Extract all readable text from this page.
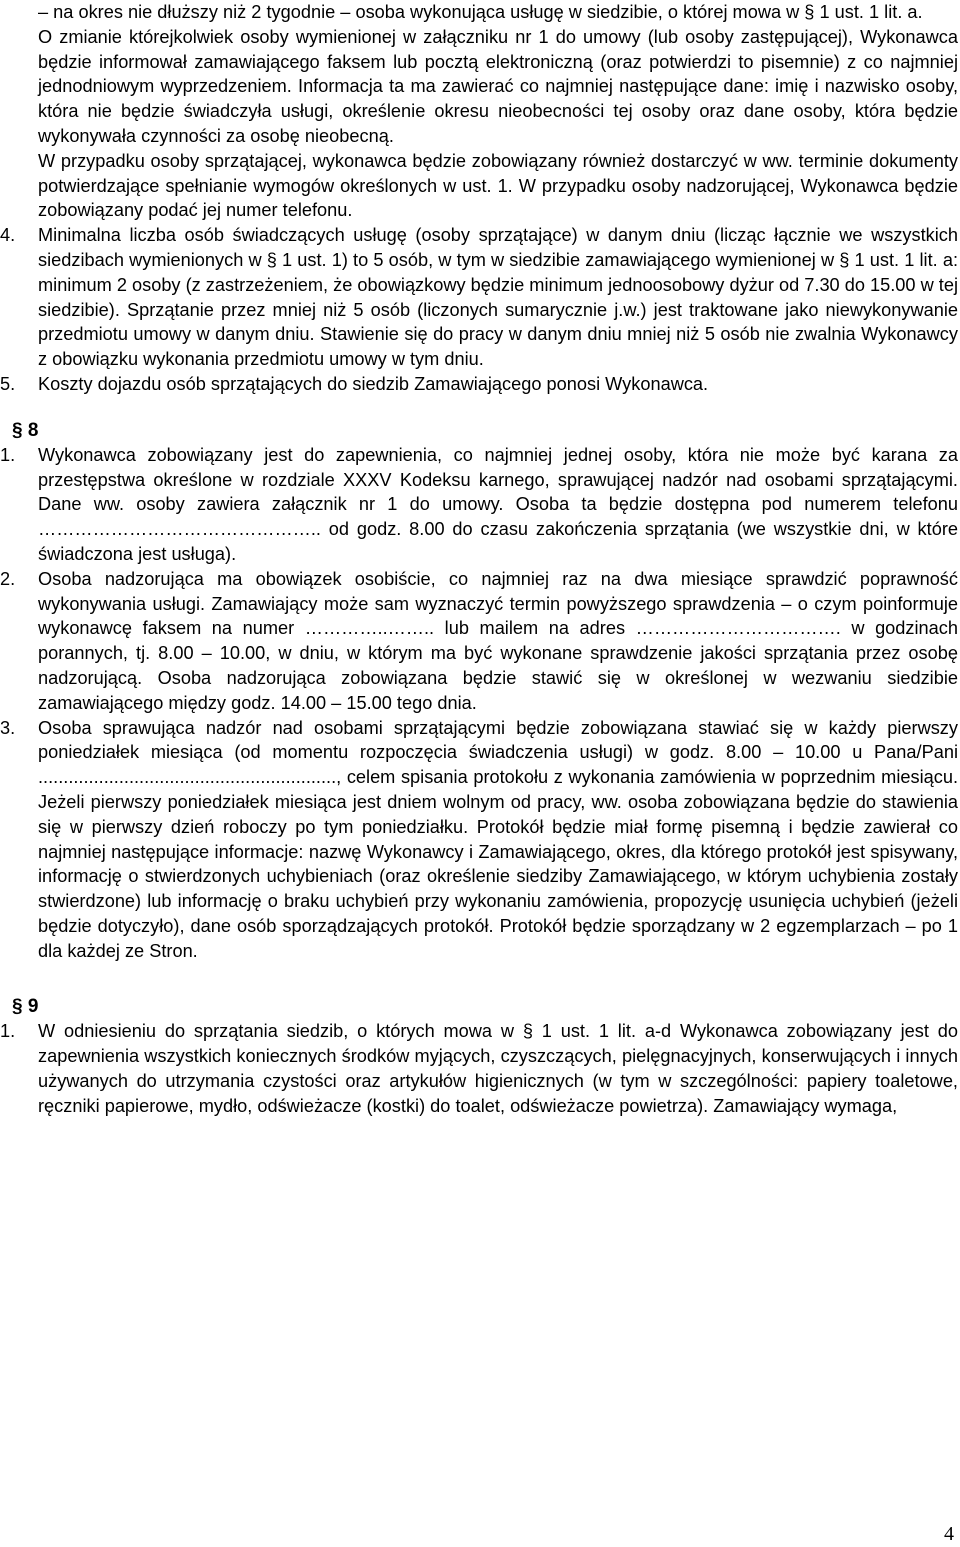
– na okres nie dłuższy niż 2 tygodnie – osoba wykonująca usługę w siedzibie, o której mowa w § 1 ust. 1 lit. a.

O zmianie którejkolwiek osoby wymienionej w załączniku nr 1 do umowy (lub osoby zastępującej), Wykonawca będzie informował zamawiającego faksem lub pocztą elektroniczną (oraz potwierdzi to pisemnie) z co najmniej jednodniowym wyprzedzeniem. Informacja ta ma zawierać co najmniej następujące dane: imię i nazwisko osoby, która nie będzie świadczyła usługi, określenie okresu nieobecności tej osoby oraz dane osoby, która będzie wykonywała czynności za osobę nieobecną.

W przypadku osoby sprzątającej, wykonawca będzie zobowiązany również dostarczyć w ww. terminie dokumenty potwierdzające spełnianie wymogów określonych w ust. 1. W przypadku osoby nadzorującej, Wykonawca będzie zobowiązany podać jej numer telefonu.

4. Minimalna liczba osób świadczących usługę (osoby sprzątające) w danym dniu (licząc łącznie we wszystkich siedzibach wymienionych w § 1 ust. 1) to 5 osób, w tym w siedzibie zamawiającego wymienionej w § 1 ust. 1 lit. a: minimum 2 osoby (z zastrzeżeniem, że obowiązkowy będzie minimum jednoosobowy dyżur od 7.30 do 15.00 w tej siedzibie). Sprzątanie przez mniej niż 5 osób (liczonych sumarycznie j.w.) jest traktowane jako niewykonywanie przedmiotu umowy w danym dniu. Stawienie się do pracy w danym dniu mniej niż 5 osób nie zwalnia Wykonawcy z obowiązku wykonania przedmiotu umowy w tym dniu.

5. Koszty dojazdu osób sprzątających do siedzib Zamawiającego ponosi Wykonawca.

§ 8

1. Wykonawca zobowiązany jest do zapewnienia, co najmniej jednej osoby, która nie może być karana za przestępstwa określone w rozdziale XXXV Kodeksu karnego, sprawującej nadzór nad osobami sprzątającymi. Dane ww. osoby zawiera załącznik nr 1 do umowy. Osoba ta będzie dostępna pod numerem telefonu ……………………………………….. od godz. 8.00 do czasu zakończenia sprzątania (we wszystkie dni, w które świadczona jest usługa).

2. Osoba nadzorująca ma obowiązek osobiście, co najmniej raz na dwa miesiące sprawdzić poprawność wykonywania usługi. Zamawiający może sam wyznaczyć termin powyższego sprawdzenia – o czym poinformuje wykonawcę faksem na numer …………..…….. lub mailem na adres ……………………………. w godzinach porannych, tj. 8.00 – 10.00, w dniu, w którym ma być wykonane sprawdzenie jakości sprzątania przez osobę nadzorującą. Osoba nadzorująca zobowiązana będzie stawić się w określonej w wezwaniu siedzibie zamawiającego między godz. 14.00 – 15.00 tego dnia.

3. Osoba sprawująca nadzór nad osobami sprzątającymi będzie zobowiązana stawiać się w każdy pierwszy poniedziałek miesiąca (od momentu rozpoczęcia świadczenia usługi) w godz. 8.00 – 10.00 u Pana/Pani ..........................................................., celem spisania protokołu z wykonania zamówienia w poprzednim miesiącu. Jeżeli pierwszy poniedziałek miesiąca jest dniem wolnym od pracy, ww. osoba zobowiązana będzie do stawienia się w pierwszy dzień roboczy po tym poniedziałku. Protokół będzie miał formę pisemną i będzie zawierał co najmniej następujące informacje: nazwę Wykonawcy i Zamawiającego, okres, dla którego protokół jest spisywany, informację o stwierdzonych uchybieniach (oraz określenie siedziby Zamawiającego, w którym uchybienia zostały stwierdzone) lub informację o braku uchybień przy wykonaniu zamówienia, propozycję usunięcia uchybień (jeżeli będzie dotyczyło), dane osób sporządzających protokół. Protokół będzie sporządzany w 2 egzemplarzach – po 1 dla każdej ze Stron.

§ 9

1. W odniesieniu do sprzątania siedzib, o których mowa w § 1 ust. 1 lit. a-d Wykonawca zobowiązany jest do zapewnienia wszystkich koniecznych środków myjących, czyszczących, pielęgnacyjnych, konserwujących i innych używanych do utrzymania czystości oraz artykułów higienicznych (w tym w szczególności: papiery toaletowe, ręczniki papierowe, mydło, odświeżacze (kostki) do toalet, odświeżacze powietrza). Zamawiający wymaga,

4
